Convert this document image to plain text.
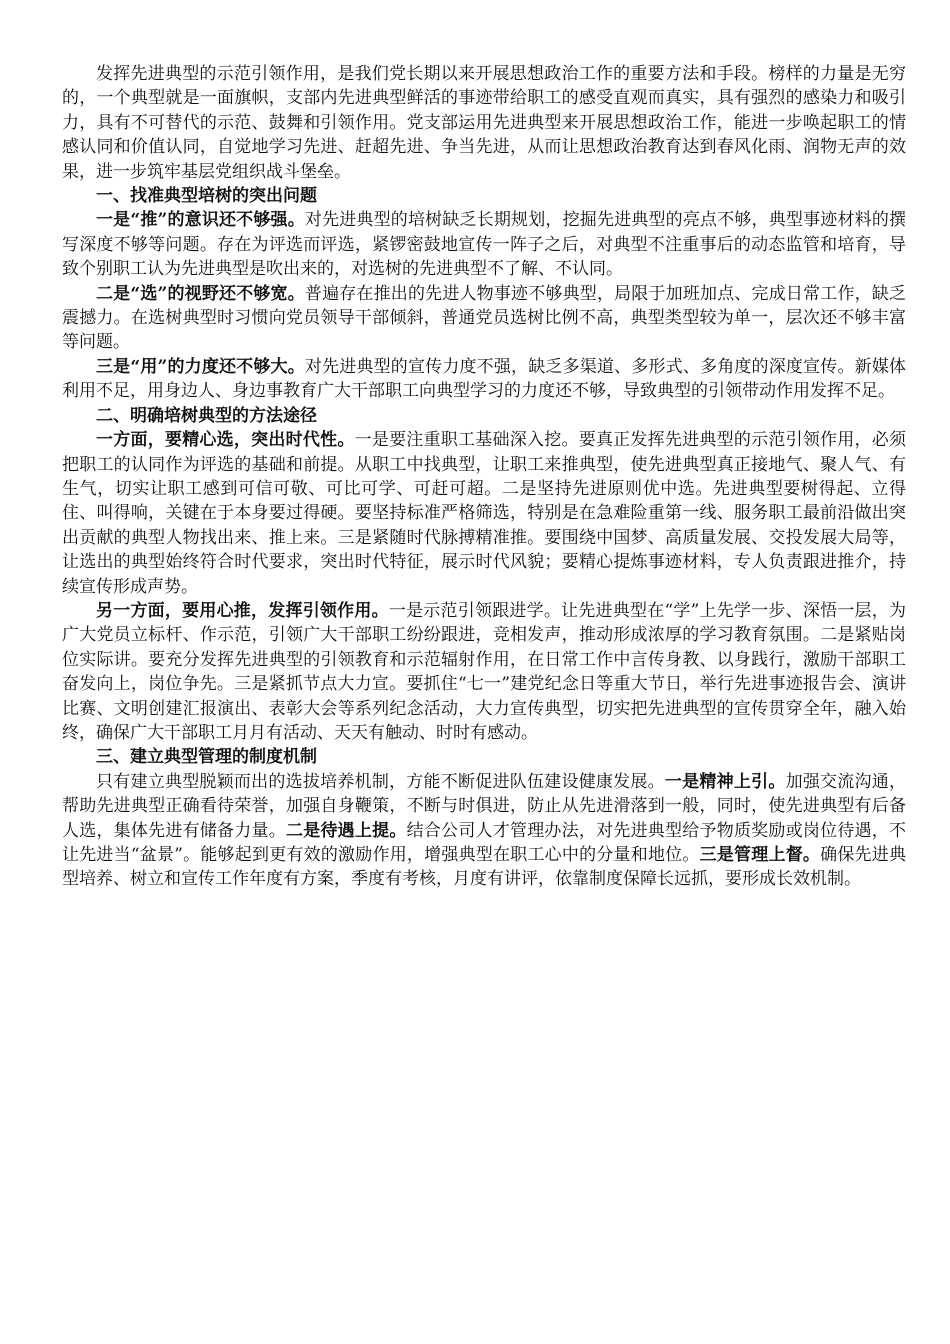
发挥先进典型的示范引领作用，是我们党长期以来开展思想政治工作的重要方法和手段。榜样的力量是无穷的，一个典型就是一面旗帜，支部内先进典型鲜活的事迹带给职工的感受直观而真实，具有强烈的感染力和吸引力，具有不可替代的示范、鼓舞和引领作用。党支部运用先进典型来开展思想政治工作，能进一步唤起职工的情感认同和价值认同，自觉地学习先进、赶超先进、争当先进，从而让思想政治教育达到春风化雨、润物无声的效果，进一步筑牢基层党组织战斗堡垒。

一、找准典型培树的突出问题

一是“推”的意识还不够强。对先进典型的培树缺乏长期规划，挖掘先进典型的亮点不够，典型事迹材料的撰写深度不够等问题。存在为评选而评选，紧锣密鼓地宣传一阵子之后，对典型不注重事后的动态监管和培育，导致个别职工认为先进典型是吹出来的，对选树的先进典型不了解、不认同。

二是“选”的视野还不够宽。普遍存在推出的先进人物事迹不够典型，局限于加班加点、完成日常工作，缺乏震撼力。在选树典型时习惯向党员领导干部倾斜，普通党员选树比例不高，典型类型较为单一，层次还不够丰富等问题。

三是“用”的力度还不够大。对先进典型的宣传力度不强，缺乏多渠道、多形式、多角度的深度宣传。新媒体利用不足，用身边人、身边事教育广大干部职工向典型学习的力度还不够，导致典型的引领带动作用发挥不足。

二、明确培树典型的方法途径

一方面，要精心选，突出时代性。一是要注重职工基础深入挖。要真正发挥先进典型的示范引领作用，必须把职工的认同作为评选的基础和前提。从职工中找典型，让职工来推典型，使先进典型真正接地气、聚人气、有生气，切实让职工感到可信可敬、可比可学、可赶可超。二是坚持先进原则优中选。先进典型要树得起、立得住、叫得响，关键在于本身要过得硬。要坚持标准严格筛选，特别是在急难险重第一线、服务职工最前沿做出突出贡献的典型人物找出来、推上来。三是紧随时代脉搏精准推。要围绕中国梦、高质量发展、交投发展大局等，让选出的典型始终符合时代要求，突出时代特征，展示时代风貌；要精心提炼事迹材料，专人负责跟进推介，持续宣传形成声势。

另一方面，要用心推，发挥引领作用。一是示范引领跟进学。让先进典型在“学”上先学一步、深悟一层，为广大党员立标杆、作示范，引领广大干部职工纷纷跟进，竞相发声，推动形成浓厚的学习教育氛围。二是紧贴岗位实际讲。要充分发挥先进典型的引领教育和示范辐射作用，在日常工作中言传身教、以身践行，激励干部职工奋发向上，岗位争先。三是紧抓节点大力宣。要抓住“七一”建党纪念日等重大节日，举行先进事迹报告会、演讲比赛、文明创建汇报演出、表彰大会等系列纪念活动，大力宣传典型，切实把先进典型的宣传贯穿全年，融入始终，确保广大干部职工月月有活动、天天有触动、时时有感动。

三、建立典型管理的制度机制

只有建立典型脱颖而出的选拔培养机制，方能不断促进队伍建设健康发展。一是精神上引。加强交流沟通，帮助先进典型正确看待荣誉，加强自身鞭策，不断与时俱进，防止从先进滑落到一般，同时，使先进典型有后备人选，集体先进有储备力量。二是待遇上提。结合公司人才管理办法，对先进典型给予物质奖励或岗位待遇，不让先进当“盆景”。能够起到更有效的激励作用，增强典型在职工心中的分量和地位。三是管理上督。确保先进典型培养、树立和宣传工作年度有方案，季度有考核，月度有讲评，依靠制度保障长远抓，要形成长效机制。
